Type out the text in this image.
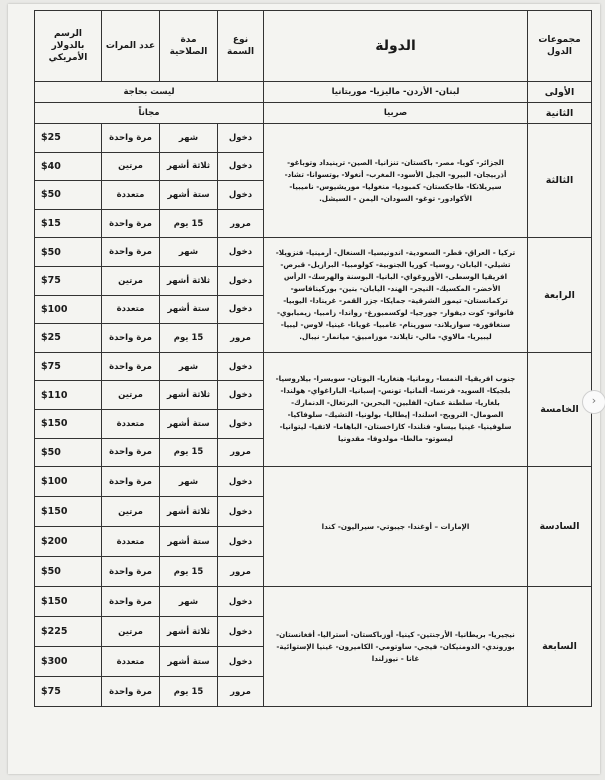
مجموعات الدول	الدولة	نوع السمة	مدة الصلاحية	عدد المرات	الرسم بالدولار الأمريكي
الأولى	لبنان- الأردن- ماليزيا- موريتانيا	ليست بحاجة			
الثانية	صربيا	مجاناً			
الثالثة	الجزائر- كوبا- مصر- باكستان- تنزانيا- الصين- ترينيداد وتوباغو- أذربيجان- البيرو- الجبل الأسود- المغرب- أنغولا- بوتسوانا- تشاد- سيريلانكا- طاجكستان- كمبوديا- منغوليا- موريشيوس- ناميبيا- الأكوادور- توغو- السودان- اليمن - السيشل.	دخول	شهر	مرة واحدة	$25
		دخول	ثلاثة أشهر	مرتين	$40
		دخول	ستة أشهر	متعددة	$50
		مرور	15 يوم	مرة واحدة	$15
الرابعة	تركيا - العراق- قطر- السعودية- اندونيسيا- السنغال- أرمينيا- فنزويلا- تشيلي- اليابان- روسيا- كوريا الجنوبية- كولومبيا- البرازيل- قبرص- افريقيا الوسطى- الأوروغواي- البانيا- البوسنة والهرسك- الرأس الأخضر- المكسيك- النيجر- الهند- اليابان- بنين- بوركينافاسو- تركمانستان- تيمور الشرقية- جمايكا- جزر القمر- غرينادا- اليوبيا- فانواتو- كوت ديفوار- جورجيا- لوكسمبورغ- رواندا- زامبيا- زيمبابوي- سنغافورة- سوازيلاند- سورينام- غامبيا- غويانا- غينيا- لاوس- ليبيا- ليبيريا- مالاوي- مالي- تايلاند- موزامبيق- ميانمار- نيبال.	دخول	شهر	مرة واحدة	$50
		دخول	ثلاثة أشهر	مرتين	$75
		دخول	ستة أشهر	متعددة	$100
		مرور	15 يوم	مرة واحدة	$25
الخامسة	جنوب افريقيا- النمسا- رومانيا- هنغاريا- اليونان- سويسرا- بيلاروسيا- بلجيكا- السويد- فرنسا- ألمانيا- تونس- إسبانيا- الباراغواي- هولندا- بلغاريا- سلطنة عمان- الفلبين- البحرين- البرتغال- الدنمارك- الصومال- النرويج- اسلندا- إيطاليا- بولونيا- التشيك- سلوفاكيا- سلوفينيا- غينيا بيساو- فنلندا- كازاخستان- الباهاما- لاتفيا- ليتوانيا- ليسوتو- مالطا- مولدوفا- مقدونيا	دخول	شهر	مرة واحدة	$75
		دخول	ثلاثة أشهر	مرتين	$110
		دخول	ستة أشهر	متعددة	$150
		مرور	15 يوم	مرة واحدة	$50
السادسة	الإمارات – أوغندا- جيبوتي- سيراليون- كندا	دخول	شهر	مرة واحدة	$100
		دخول	ثلاثة أشهر	مرتين	$150
		دخول	ستة أشهر	متعددة	$200
		مرور	15 يوم	مرة واحدة	$50
السابعة	نيجيريا- بريطانيا- الأرجنتين- كينيا- أوزباكستان- أستراليا- أفغانستان- بوروندي- الدومنيكان- فيجي- ساوتومي- الكاميرون- غينيا الإستوائية- غانا - نيوزلندا	دخول	شهر	مرة واحدة	$150
		دخول	ثلاثة أشهر	مرتين	$225
		دخول	ستة أشهر	متعددة	$300
		مرور	15 يوم	مرة واحدة	$75
›
